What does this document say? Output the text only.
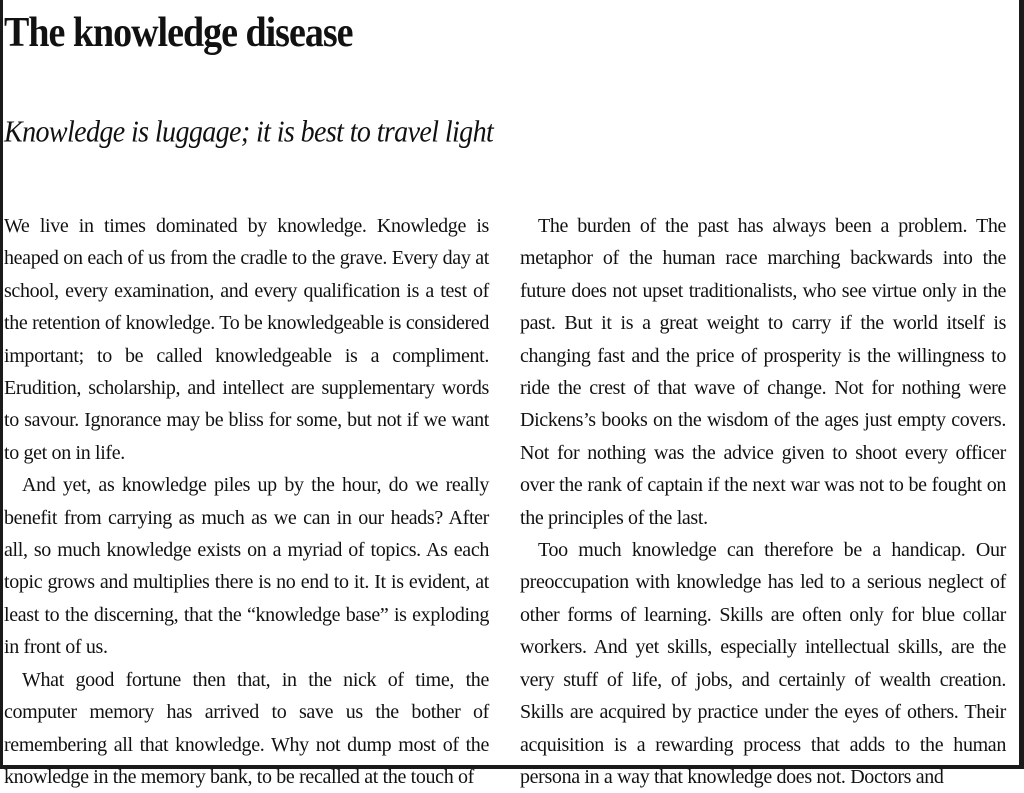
The knowledge disease
Knowledge is luggage; it is best to travel light

We live in times dominated by knowledge. Knowledge is heaped on each of us from the cradle to the grave. Every day at school, every examination, and every qualification is a test of the retention of knowledge. To be knowledgeable is considered important; to be called knowledgeable is a compliment. Erudition, scholarship, and intellect are supplementary words to savour. Ignorance may be bliss for some, but not if we want to get on in life.

And yet, as knowledge piles up by the hour, do we really benefit from carrying as much as we can in our heads? After all, so much knowledge exists on a myriad of topics. As each topic grows and multiplies there is no end to it. It is evident, at least to the discerning, that the “knowledge base” is exploding in front of us.

What good fortune then that, in the nick of time, the computer memory has arrived to save us the bother of remembering all that knowledge. Why not dump most of the knowledge in the memory bank, to be recalled at the touch of

The burden of the past has always been a problem. The metaphor of the human race marching backwards into the future does not upset traditionalists, who see virtue only in the past. But it is a great weight to carry if the world itself is changing fast and the price of prosperity is the willingness to ride the crest of that wave of change. Not for nothing were Dickens’s books on the wisdom of the ages just empty covers. Not for nothing was the advice given to shoot every officer over the rank of captain if the next war was not to be fought on the principles of the last.

Too much knowledge can therefore be a handicap. Our preoccupation with knowledge has led to a serious neglect of other forms of learning. Skills are often only for blue collar workers. And yet skills, especially intellectual skills, are the very stuff of life, of jobs, and certainly of wealth creation. Skills are acquired by practice under the eyes of others. Their acquisition is a rewarding process that adds to the human persona in a way that knowledge does not. Doctors and
